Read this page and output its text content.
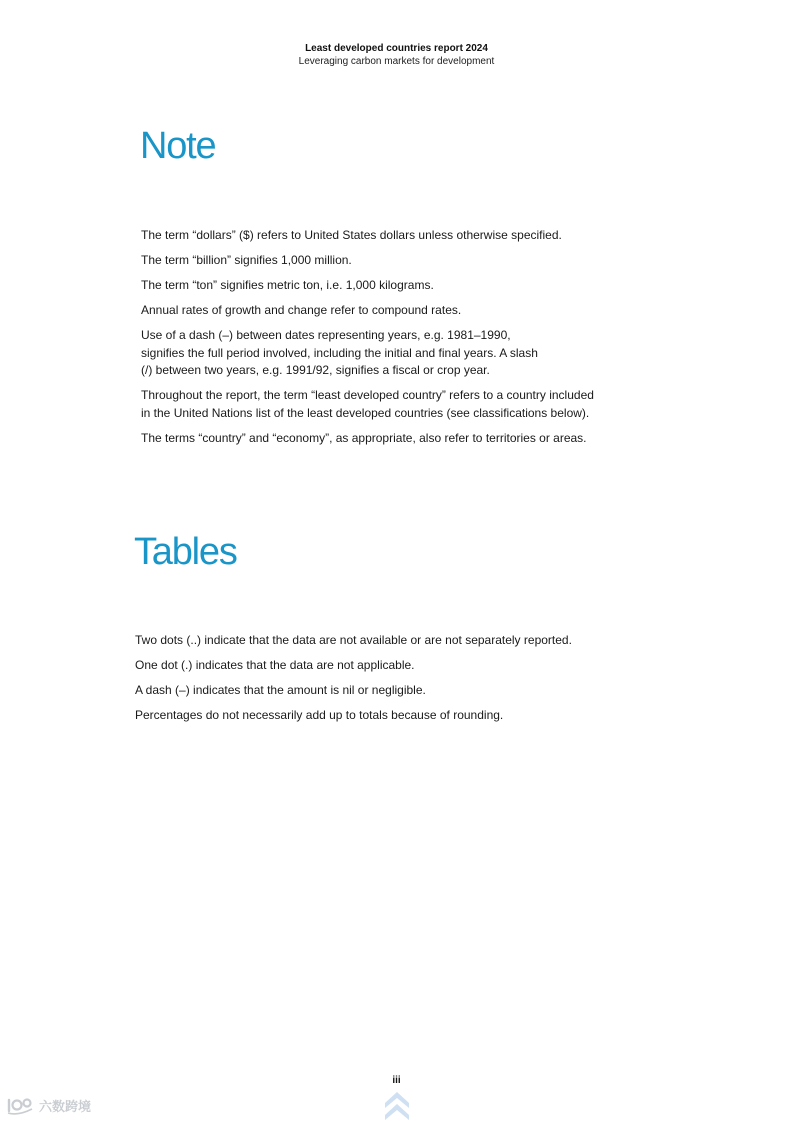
Least developed countries report 2024
Leveraging carbon markets for development
Note

The term “dollars” ($) refers to United States dollars unless otherwise specified.

The term “billion” signifies 1,000 million.

The term “ton” signifies metric ton, i.e. 1,000 kilograms.

Annual rates of growth and change refer to compound rates.

Use of a dash (–) between dates representing years, e.g. 1981–1990,
signifies the full period involved, including the initial and final years. A slash
(/) between two years, e.g. 1991/92, signifies a fiscal or crop year.

Throughout the report, the term “least developed country” refers to a country included
in the United Nations list of the least developed countries (see classifications below).

The terms “country” and “economy”, as appropriate, also refer to territories or areas.

Tables

Two dots (..) indicate that the data are not available or are not separately reported.

One dot (.) indicates that the data are not applicable.

A dash (–) indicates that the amount is nil or negligible.

Percentages do not necessarily add up to totals because of rounding.

iii
六数跨境
